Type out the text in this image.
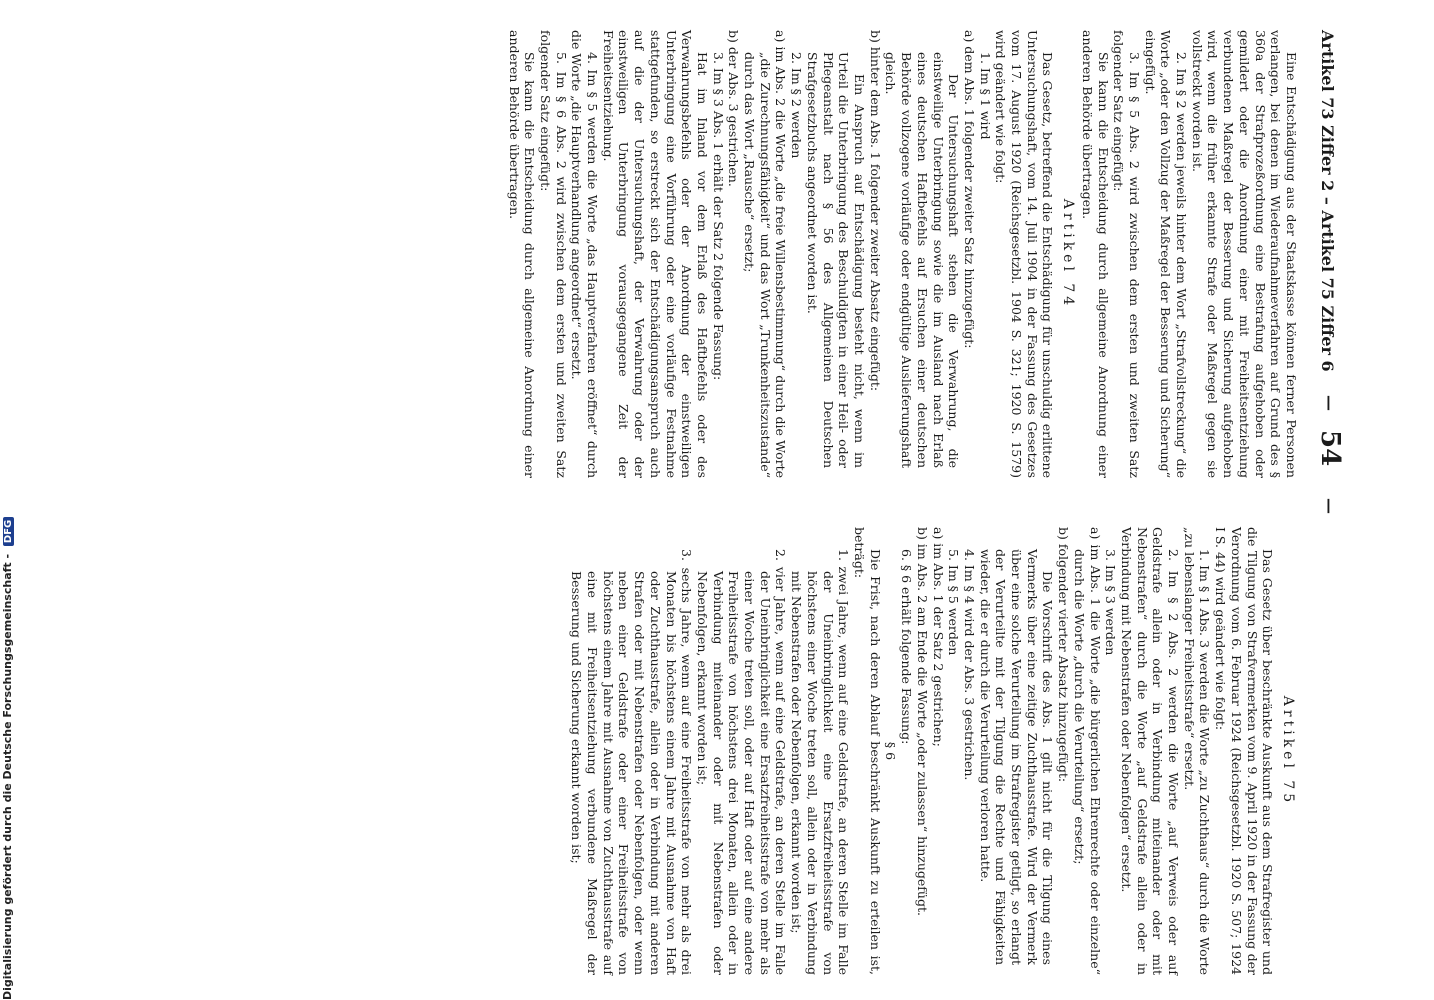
Artikel 73 Ziffer 2 – Artikel 75 Ziffer 6
—
54
—

Eine Entschädigung aus der Staatskasse können ferner Personen verlangen, bei denen im Wiederaufnahmeverfahren auf Grund des § 360a der Strafprozeßordnung eine Bestrafung aufgehoben oder gemildert oder die Anordnung einer mit Freiheitsentziehung verbundenen Maßregel der Besserung und Sicherung aufgehoben wird, wenn die früher erkannte Strafe oder Maßregel gegen sie vollstreckt worden ist.

2. Im § 2 werden jeweils hinter dem Wort „Strafvollstreckung“ die Worte „oder den Vollzug der Maßregel der Besserung und Sicherung“ eingefügt.

3. Im § 5 Abs. 2 wird zwischen dem ersten und zweiten Satz folgender Satz eingefügt:

Sie kann die Entscheidung durch allgemeine Anordnung einer anderen Behörde übertragen.

Artikel 74

Das Gesetz, betreffend die Entschädigung für unschuldig erlittene Untersuchungshaft, vom 14. Juli 1904 in der Fassung des Gesetzes vom 17. August 1920 (Reichsgesetzbl. 1904 S. 321; 1920 S. 1579) wird geändert wie folgt:

1. Im § 1 wird

a) dem Abs. 1 folgender zweiter Satz hinzugefügt:

Der Untersuchungshaft stehen die Verwahrung, die einstweilige Unterbringung sowie die im Ausland nach Erlaß eines deutschen Haftbefehls auf Ersuchen einer deutschen Behörde vollzogene vorläufige oder endgültige Auslieferungshaft gleich.

b) hinter dem Abs. 1 folgender zweiter Absatz eingefügt:

Ein Anspruch auf Entschädigung besteht nicht, wenn im Urteil die Unterbringung des Beschuldigten in einer Heil- oder Pflegeanstalt nach § 56 des Allgemeinen Deutschen Strafgesetzbuchs angeordnet worden ist.

2. Im § 2 werden

a) im Abs. 2 die Worte „die freie Willensbestimmung“ durch die Worte „die Zurechnungsfähigkeit“ und das Wort „Trunkenheitszustande“ durch das Wort „Rausche“ ersetzt;

b) der Abs. 3 gestrichen.

3. Im § 3 Abs. 1 erhält der Satz 2 folgende Fassung:

Hat im Inland vor dem Erlaß des Haftbefehls oder des Verwahrungsbefehls oder der Anordnung der einstweiligen Unterbringung eine Vorführung oder eine vorläufige Festnahme stattgefunden, so erstreckt sich der Entschädigungsanspruch auch auf die der Untersuchungshaft, der Verwahrung oder der einstweiligen Unterbringung vorausgegangene Zeit der Freiheitsentziehung.

4. Im § 5 werden die Worte „das Hauptverfahren eröffnet“ durch die Worte „die Hauptverhandlung angeordnet“ ersetzt.

5. Im § 6 Abs. 2 wird zwischen dem ersten und zweiten Satz folgender Satz eingefügt:

Sie kann die Entscheidung durch allgemeine Anordnung einer anderen Behörde übertragen.

Artikel 75

Das Gesetz über beschränkte Auskunft aus dem Strafregister und die Tilgung von Strafvermerken vom 9. April 1920 in der Fassung der Verordnung vom 6. Februar 1924 (Reichsgesetzbl. 1920 S. 507; 1924 I S. 44) wird geändert wie folgt:

1. Im § 1 Abs. 3 werden die Worte „zu Zuchthaus“ durch die Worte „zu lebenslanger Freiheitsstrafe“ ersetzt.

2. Im § 2 Abs. 2 werden die Worte „auf Verweis oder auf Geldstrafe allein oder in Verbindung miteinander oder mit Nebenstrafen“ durch die Worte „auf Geldstrafe allein oder in Verbindung mit Nebenstrafen oder Nebenfolgen“ ersetzt.

3. Im § 3 werden

a) im Abs. 1 die Worte „die bürgerlichen Ehrenrechte oder einzelne“ durch die Worte „durch die Verurteilung“ ersetzt;

b) folgender vierter Absatz hinzugefügt:

Die Vorschrift des Abs. 1 gilt nicht für die Tilgung eines Vermerks über eine zeitige Zuchthausstrafe. Wird der Vermerk über eine solche Verurteilung im Strafregister getilgt, so erlangt der Verurteilte mit der Tilgung die Rechte und Fähigkeiten wieder, die er durch die Verurteilung verloren hatte.

4. Im § 4 wird der Abs. 3 gestrichen.

5. Im § 5 werden

a) im Abs. 1 der Satz 2 gestrichen;

b) im Abs. 2 am Ende die Worte „oder zulassen“ hinzugefügt.

6. § 6 erhält folgende Fassung:

§ 6

Die Frist, nach deren Ablauf beschränkt Auskunft zu erteilen ist, beträgt:

1. zwei Jahre, wenn auf eine Geldstrafe, an deren Stelle im Falle der Uneinbringlichkeit eine Ersatzfreiheitsstrafe von höchstens einer Woche treten soll, allein oder in Verbindung mit Nebenstrafen oder Nebenfolgen, erkannt worden ist;

2. vier Jahre, wenn auf eine Geldstrafe, an deren Stelle im Falle der Uneinbringlichkeit eine Ersatzfreiheitsstrafe von mehr als einer Woche treten soll, oder auf Haft oder auf eine andere Freiheitsstrafe von höchstens drei Monaten, allein oder in Verbindung miteinander oder mit Nebenstrafen oder Nebenfolgen, erkannt worden ist;

3. sechs Jahre, wenn auf eine Freiheitsstrafe von mehr als drei Monaten bis höchstens einem Jahre mit Ausnahme von Haft oder Zuchthausstrafe, allein oder in Verbindung mit anderen Strafen oder mit Nebenstrafen oder Nebenfolgen, oder wenn neben einer Geldstrafe oder einer Freiheitsstrafe von höchstens einem Jahre mit Ausnahme von Zuchthausstrafe auf eine mit Freiheitsentziehung verbundene Maßregel der Besserung und Sicherung erkannt worden ist;

Digitalisierung gefördert durch die Deutsche Forschungsgemeinschaft - DFG
